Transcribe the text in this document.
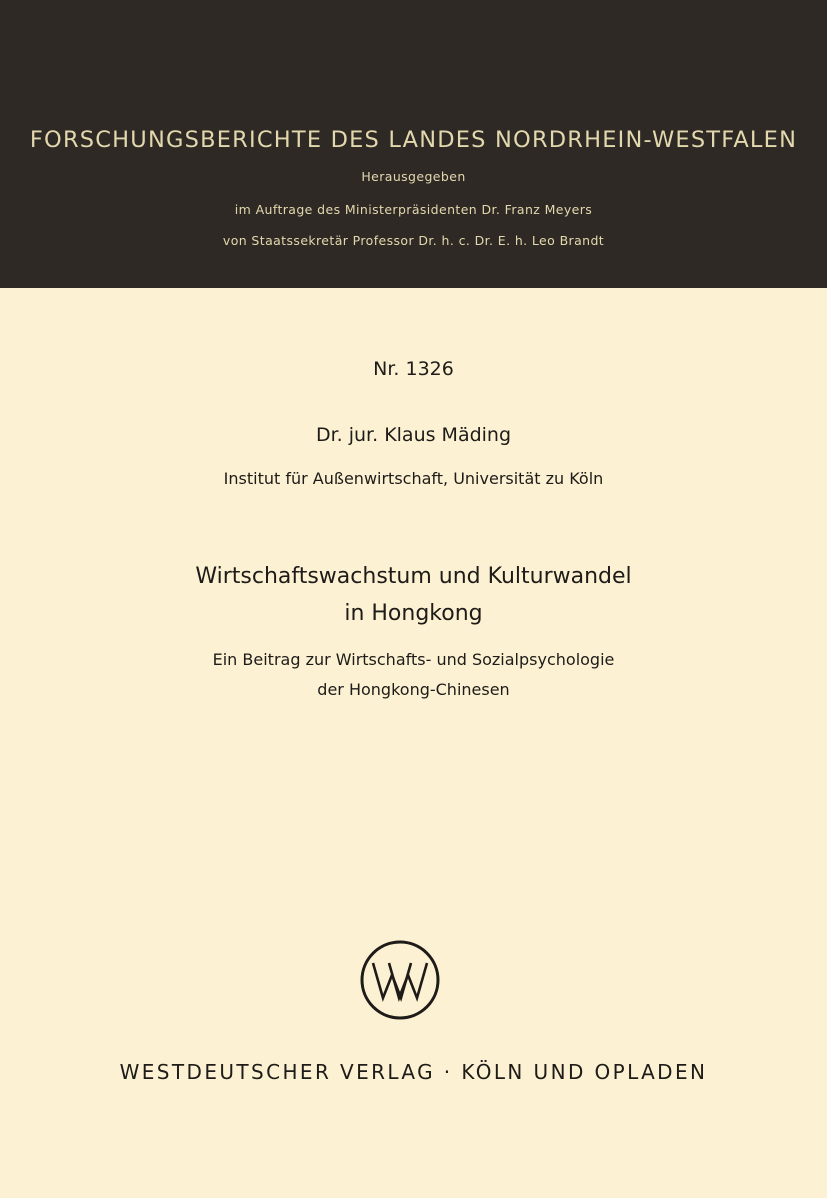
FORSCHUNGSBERICHTE DES LANDES NORDRHEIN-WESTFALEN
Herausgegeben
im Auftrage des Ministerpräsidenten Dr. Franz Meyers
von Staatssekretär Professor Dr. h. c. Dr. E. h. Leo Brandt
Nr. 1326
Dr. jur. Klaus Mäding
Institut für Außenwirtschaft, Universität zu Köln
Wirtschaftswachstum und Kulturwandel
in Hongkong
Ein Beitrag zur Wirtschafts- und Sozialpsychologie
der Hongkong-Chinesen
WESTDEUTSCHER VERLAG · KÖLN UND OPLADEN
